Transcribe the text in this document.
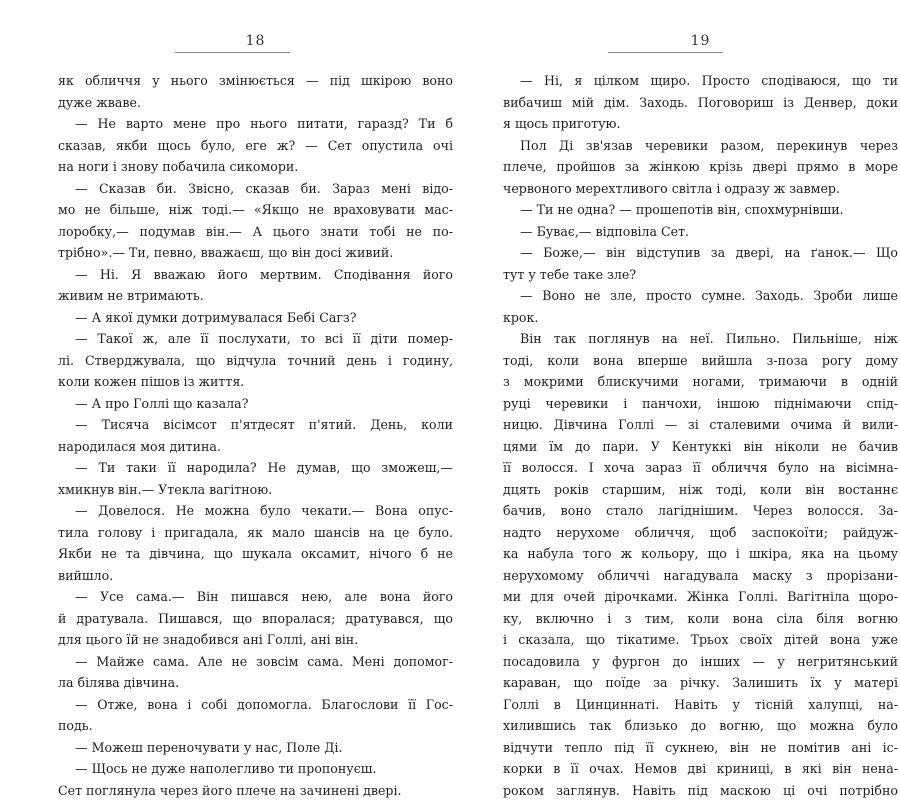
18
як обличчя у нього змінюється — під шкірою воно
дуже жваве.
— Не варто мене про нього питати, гаразд? Ти б
сказав, якби щось було, еге ж? — Сет опустила очі
на ноги і знову побачила сикомори.
— Сказав би. Звісно, сказав би. Зараз мені відо-
мо не більше, ніж тоді.— «Якщо не враховувати мас-
лоробку,— подумав він.— А цього знати тобі не по-
трібно».— Ти, певно, вважаєш, що він досі живий.
— Ні. Я вважаю його мертвим. Сподівання його
живим не втримають.
— А якої думки дотримувалася Бебі Сагз?
— Такої ж, але її послухати, то всі її діти помер-
лі. Стверджувала, що відчула точний день і годину,
коли кожен пішов із життя.
— А про Голлі що казала?
— Тисяча вісімсот п'ятдесят п'ятий. День, коли
народилася моя дитина.
— Ти таки її народила? Не думав, що зможеш,—
хмикнув він.— Утекла вагітною.
— Довелося. Не можна було чекати.— Вона опус-
тила голову і пригадала, як мало шансів на це було.
Якби не та дівчина, що шукала оксамит, нічого б не
вийшло.
— Усе сама.— Він пишався нею, але вона його
й дратувала. Пишався, що впоралася; дратувався, що
для цього їй не знадобився ані Голлі, ані він.
— Майже сама. Але не зовсім сама. Мені допомог-
ла білява дівчина.
— Отже, вона і собі допомогла. Благослови її Гос-
подь.
— Можеш переночувати у нас, Поле Ді.
— Щось не дуже наполегливо ти пропонуєш.
Сет поглянула через його плече на зачинені двері.
19
— Ні, я цілком щиро. Просто сподіваюся, що ти
вибачиш мій дім. Заходь. Поговориш із Денвер, доки
я щось приготую.
Пол Ді зв'язав черевики разом, перекинув через
плече, пройшов за жінкою крізь двері прямо в море
червоного мерехтливого світла і одразу ж завмер.
— Ти не одна? — прошепотів він, спохмурнівши.
— Буває,— відповіла Сет.
— Боже,— він відступив за двері, на ґанок.— Що
тут у тебе таке зле?
— Воно не зле, просто сумне. Заходь. Зроби лише
крок.
Він так поглянув на неї. Пильно. Пильніше, ніж
тоді, коли вона вперше вийшла з-поза рогу дому
з мокрими блискучими ногами, тримаючи в одній
руці черевики і панчохи, іншою піднімаючи спід-
ницю. Дівчина Голлі — зі сталевими очима й вили-
цями їм до пари. У Кентуккі він ніколи не бачив
її волосся. І хоча зараз її обличчя було на вісімна-
дцять років старшим, ніж тоді, коли він востаннє
бачив, воно стало лагіднішим. Через волосся. За-
надто нерухоме обличчя, щоб заспокоїти; райдуж-
ка набула того ж кольору, що і шкіра, яка на цьому
нерухомому обличчі нагадувала маску з прорізани-
ми для очей дірочками. Жінка Голлі. Вагітніла щоро-
ку, включно і з тим, коли вона сіла біля вогню
і сказала, що тікатиме. Трьох своїх дітей вона уже
посадовила у фургон до інших — у негритянський
караван, що поїде за річку. Залишить їх у матері
Голлі в Цинциннаті. Навіть у тісній халупці, на-
хилившись так близько до вогню, що можна було
відчути тепло під її сукнею, він не помітив ані іс-
корки в її очах. Немов дві криниці, в які він нена-
роком заглянув. Навіть під маскою ці очі потрібно
